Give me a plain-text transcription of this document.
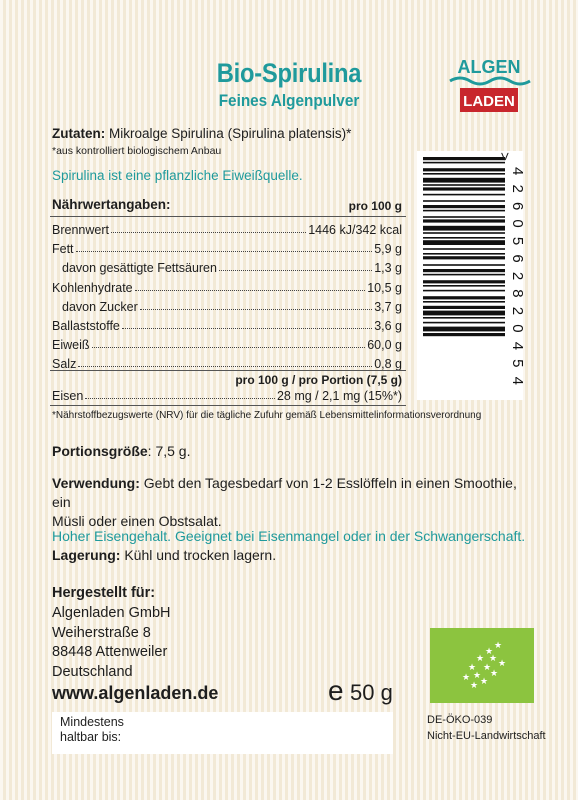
Bio-Spirulina
Feines Algenpulver
ALGEN
LADEN
Zutaten: Mikroalge Spirulina (Spirulina platensis)*
*aus kontrolliert biologischem Anbau
Spirulina ist eine pflanzliche Eiweißquelle.
Nährwertangaben:	pro 100 g
Brennwert	1446 kJ/342 kcal
Fett	5,9 g
davon gesättigte Fettsäuren	1,3 g
Kohlenhydrate	10,5 g
davon Zucker	3,7 g
Ballaststoffe	3,6 g
Eiweiß	60,0 g
Salz	0,8 g
pro 100 g / pro Portion (7,5 g)
Eisen	28 mg / 2,1 mg (15%*)
*Nährstoffbezugswerte (NRV) für die tägliche Zufuhr gemäß Lebensmittelinformationsverordnung
4260562820454
>
Portionsgröße: 7,5 g.
Verwendung: Gebt den Tagesbedarf von 1-2 Esslöffeln in einen Smoothie, ein
Müsli oder einen Obstsalat.
Hoher Eisengehalt. Geeignet bei Eisenmangel oder in der Schwangerschaft.
Lagerung: Kühl und trocken lagern.
Hergestellt für:
Algenladen GmbH
Weiherstraße 8
88448 Attenweiler
Deutschland
www.algenladen.de	e 50 g
Mindestens
haltbar bis:
★
★
★
★
★
★
★
★
★ ★
★
★
DE-ÖKO-039
Nicht-EU-Landwirtschaft
